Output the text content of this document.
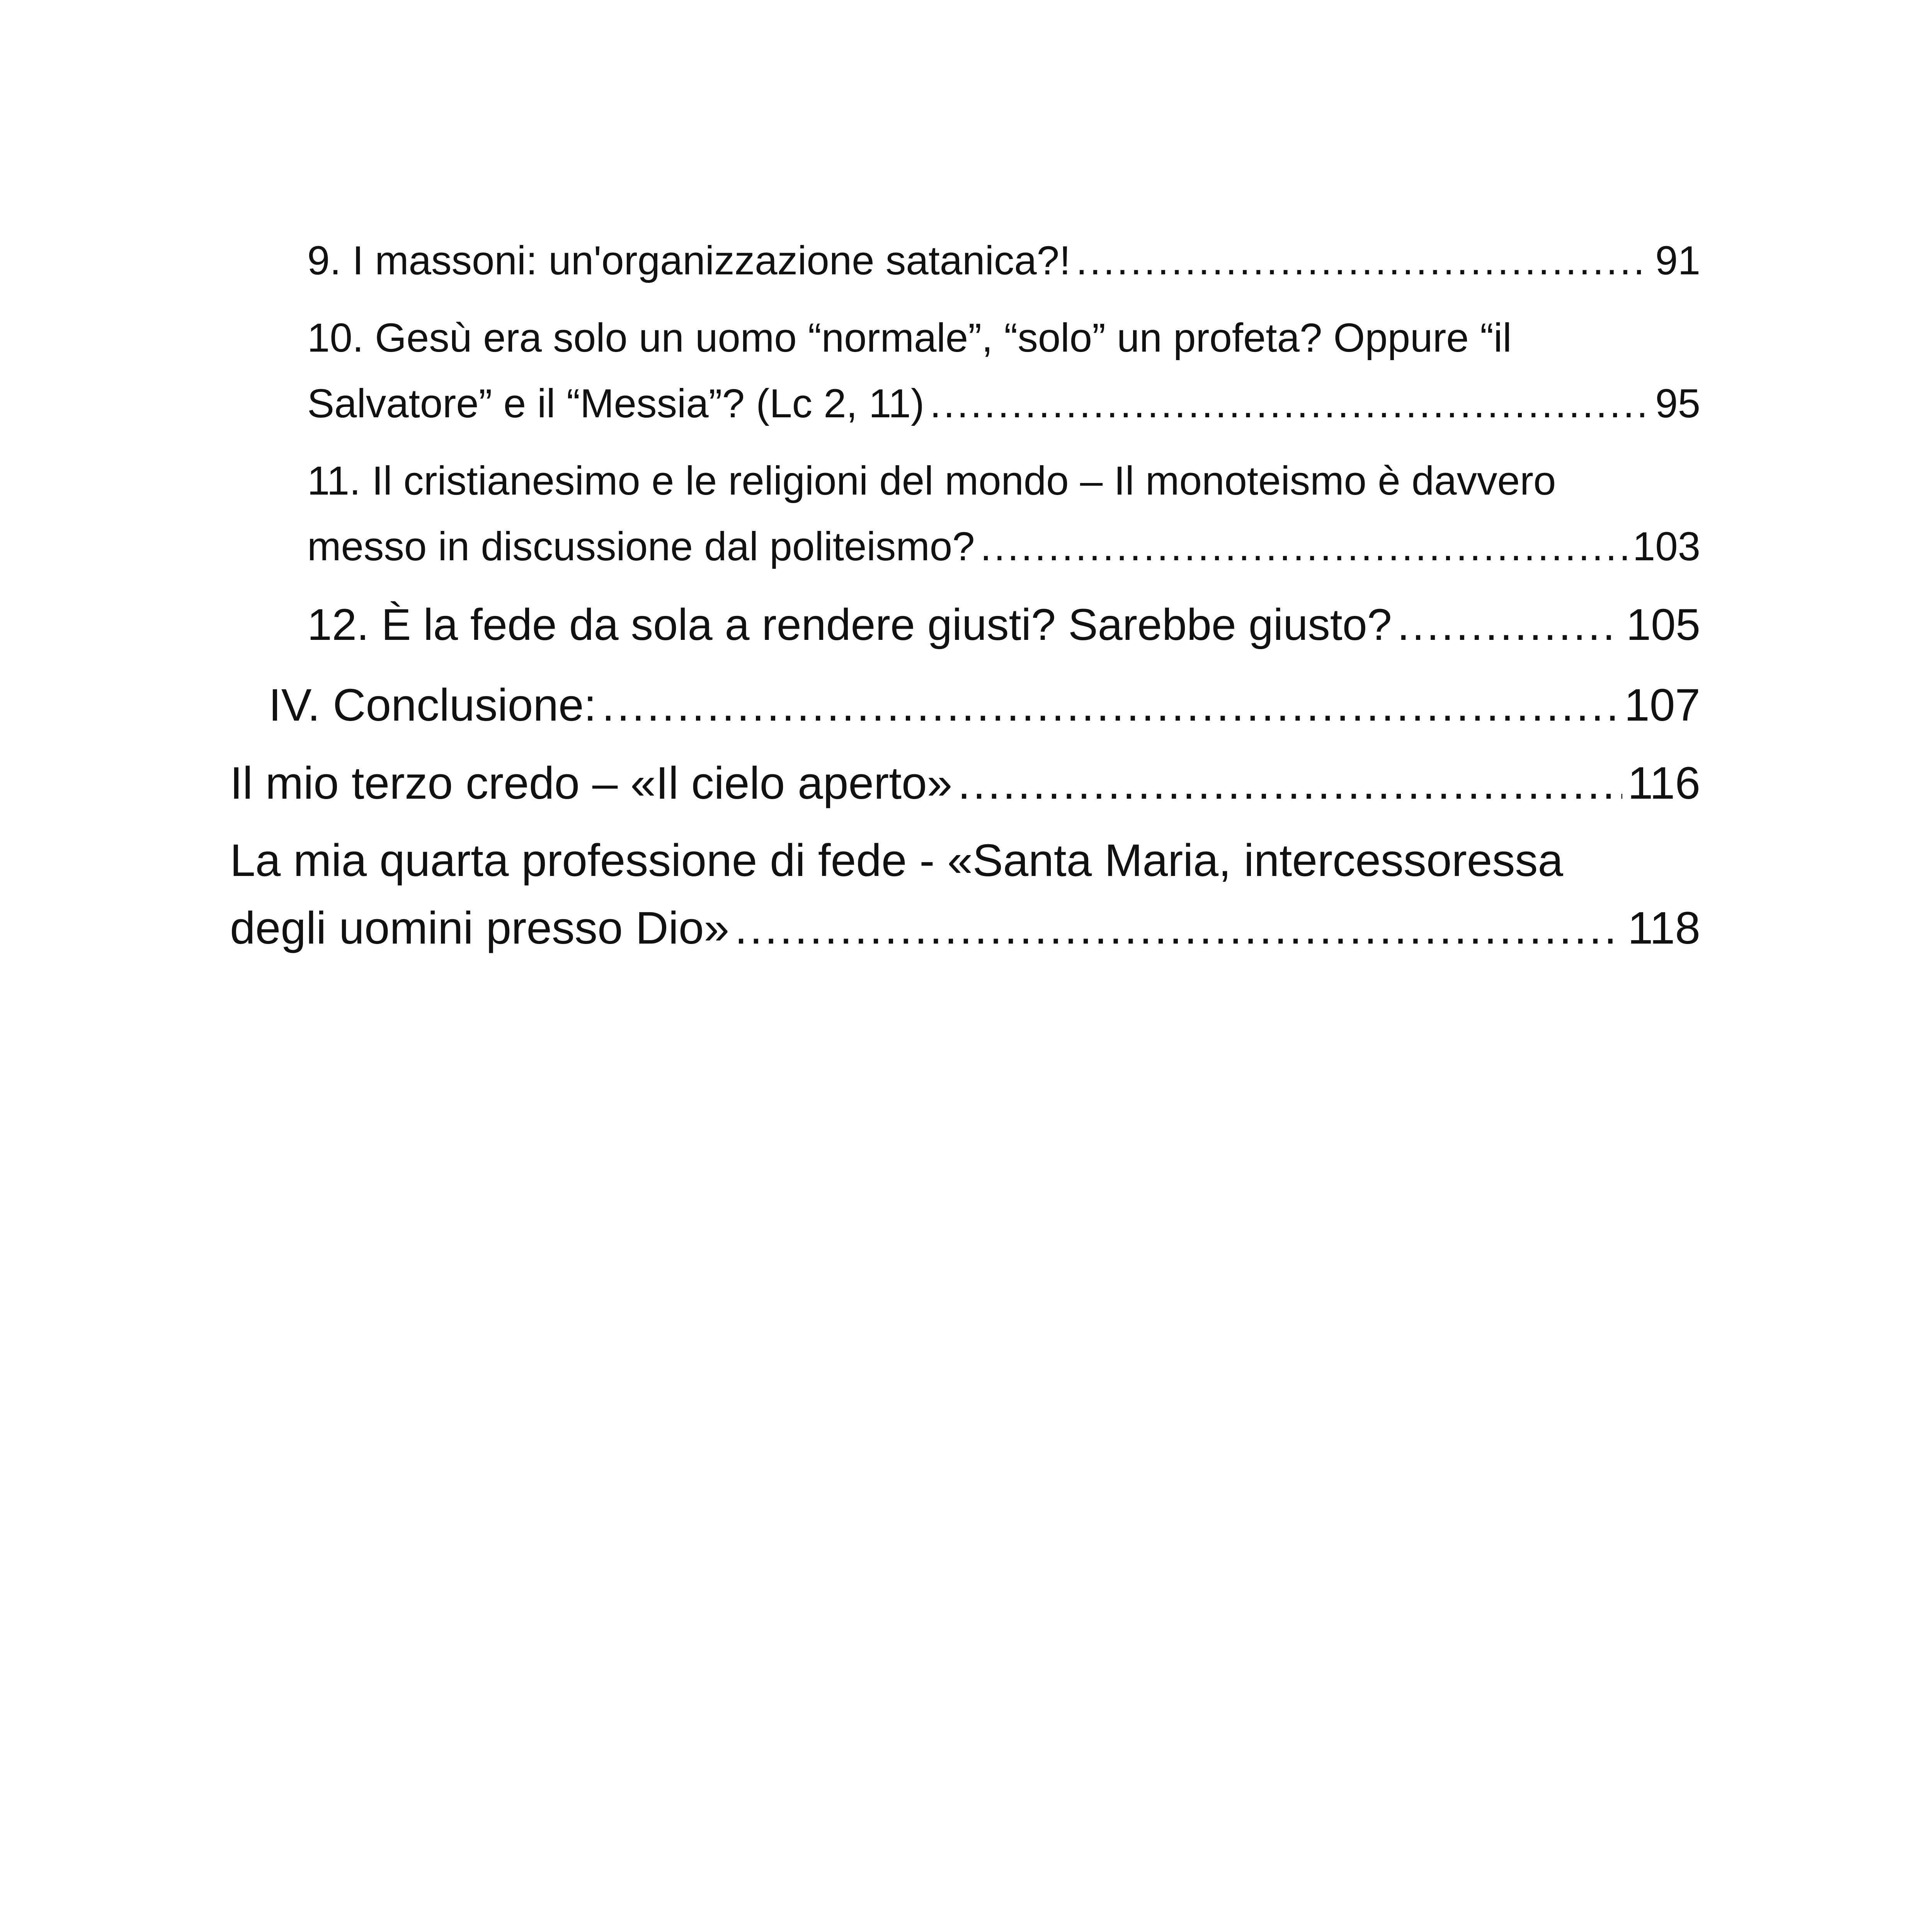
9. I massoni: un'organizzazione satanica?! .....	91
10. Gesù era solo un uomo “normale”, “solo” un profeta? Oppure “il
Salvatore” e il “Messia”? (Lc 2, 11) .....	95
11. Il cristianesimo e le religioni del mondo – Il monoteismo è davvero
messo in discussione dal politeismo? .....	103
12. È la fede da sola a rendere giusti? Sarebbe giusto? .....	105
IV. Conclusione: .....	107
Il mio terzo credo – «Il cielo aperto» .....	116
La mia quarta professione di fede - «Santa Maria, intercessoressa
degli uomini presso Dio» .....	118
